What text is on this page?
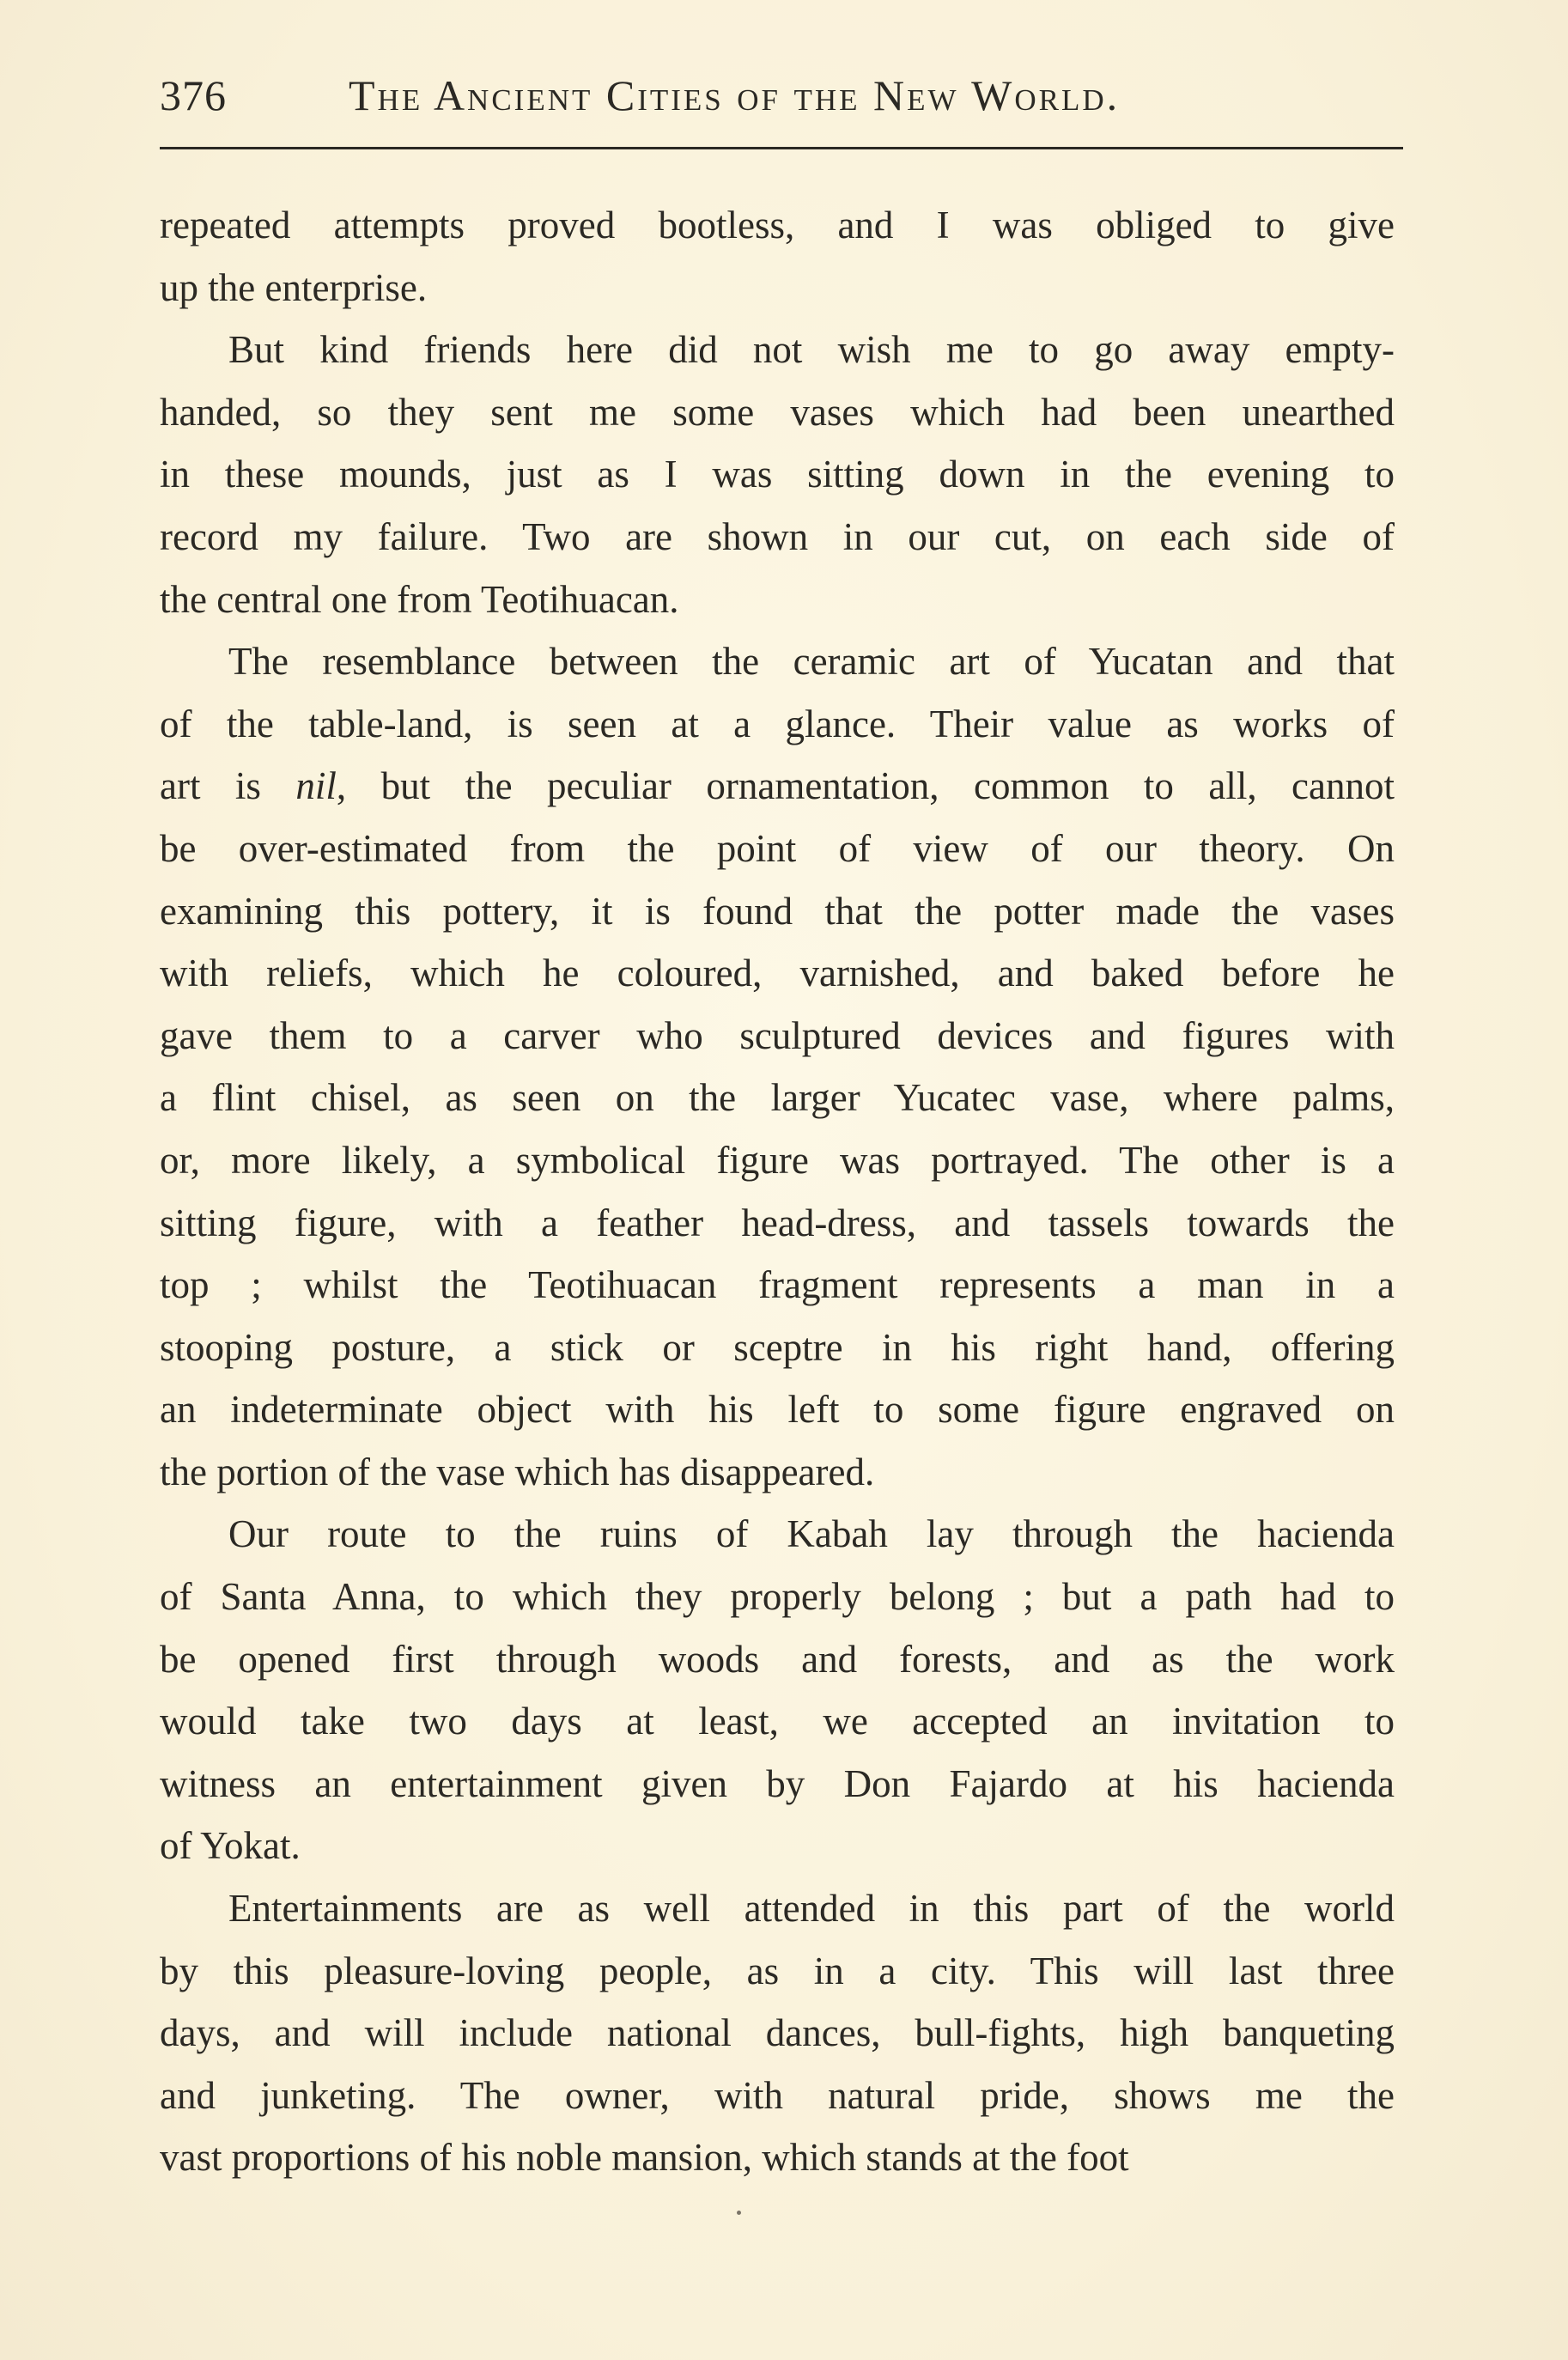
376	The Ancient Cities of the New World.
repeated attempts proved bootless, and I was obliged to give
up the enterprise.
But kind friends here did not wish me to go away empty-
handed, so they sent me some vases which had been unearthed
in these mounds, just as I was sitting down in the evening to
record my failure. Two are shown in our cut, on each side of
the central one from Teotihuacan.
The resemblance between the ceramic art of Yucatan and that
of the table-land, is seen at a glance. Their value as works of
art is nil, but the peculiar ornamentation, common to all, cannot
be over-estimated from the point of view of our theory. On
examining this pottery, it is found that the potter made the vases
with reliefs, which he coloured, varnished, and baked before he
gave them to a carver who sculptured devices and figures with
a flint chisel, as seen on the larger Yucatec vase, where palms,
or, more likely, a symbolical figure was portrayed. The other is a
sitting figure, with a feather head-dress, and tassels towards the
top ; whilst the Teotihuacan fragment represents a man in a
stooping posture, a stick or sceptre in his right hand, offering
an indeterminate object with his left to some figure engraved on
the portion of the vase which has disappeared.
Our route to the ruins of Kabah lay through the hacienda
of Santa Anna, to which they properly belong ; but a path had to
be opened first through woods and forests, and as the work
would take two days at least, we accepted an invitation to
witness an entertainment given by Don Fajardo at his hacienda
of Yokat.
Entertainments are as well attended in this part of the world
by this pleasure-loving people, as in a city. This will last three
days, and will include national dances, bull-fights, high banqueting
and junketing. The owner, with natural pride, shows me the
vast proportions of his noble mansion, which stands at the foot
